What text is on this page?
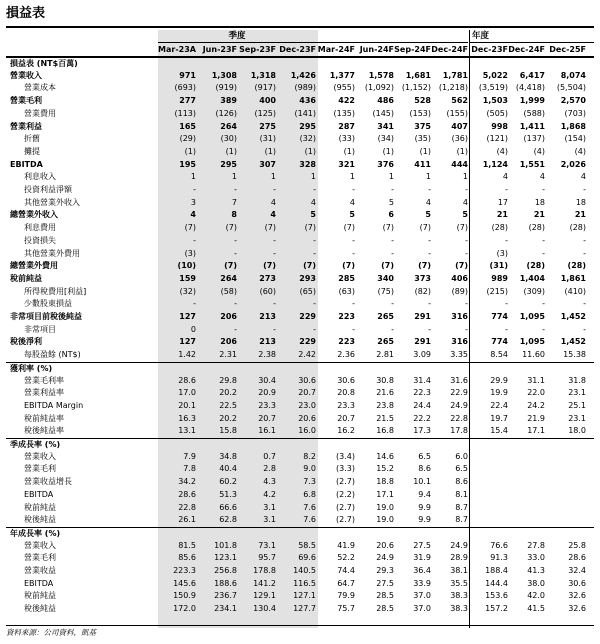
損益表
季度	年度
Mar-23A Jun-23F Sep-23F Dec-23F Mar-24F Jun-24F Sep-24F Dec-24F Dec-23F Dec-24F Dec-25F
損益表 (NT$百萬)
營業收入	971	1,308	1,318	1,426	1,377	1,578	1,681	1,781	5,022	6,417	8,074
營業成本	(693)	(919)	(917)	(989)	(955)	(1,092) (1,152) (1,218)	(3,519) (4,418)	(5,504)
營業毛利	277	389	400	436	422	486	528	562	1,503	1,999	2,570
營業費用	(113)	(126)	(125)	(141)	(135)	(145)	(153)	(155)	(505)	(588)	(703)
營業利益	165	264	275	295	287	341	375	407	998	1,411	1,868
折舊	(29)	(30)	(31)	(32)	(33)	(34)	(35)	(36)	(121)	(137)	(154)
攤提	(1)	(1)	(1)	(1)	(1)	(1)	(1)	(1)	(4)	(4)	(4)
EBITDA	195	295	307	328	321	376	411	444	1,124	1,551	2,026
利息收入	1	1	1	1	1	1	1	1	4	4	4
投資利益淨額	-	-	-	-	-	-	-	-	-	-	-
其他營業外收入	3	7	4	4	4	5	4	4	17	18	18
總營業外收入	4	8	4	5	5	6	5	5	21	21	21
利息費用	(7)	(7)	(7)	(7)	(7)	(7)	(7)	(7)	(28)	(28)	(28)
投資損失	-	-	-	-	-	-	-	-	-	-	-
其他營業外費用	(3)	-	-	-	-	-	-	-	(3)	-	-
總營業外費用	(10)	(7)	(7)	(7)	(7)	(7)	(7)	(7)	(31)	(28)	(28)
稅前純益	159	264	273	293	285	340	373	406	989	1,404	1,861
所得稅費用[利益]	(32)	(58)	(60)	(65)	(63)	(75)	(82)	(89)	(215)	(309)	(410)
少數股東損益	-	-	-	-	-	-	-	-	-	-	-
非常項目前稅後純益	127	206	213	229	223	265	291	316	774	1,095	1,452
非常項目	0	-	-	-	-	-	-	-	-	-	-
稅後淨利	127	206	213	229	223	265	291	316	774	1,095	1,452
每股盈餘 (NT$)	1.42	2.31	2.38	2.42	2.36	2.81	3.09	3.35	8.54	11.60	15.38
獲利率 (%)
營業毛利率	28.6	29.8	30.4	30.6	30.6	30.8	31.4	31.6	29.9	31.1	31.8
營業利益率	17.0	20.2	20.9	20.7	20.8	21.6	22.3	22.9	19.9	22.0	23.1
EBITDA Margin	20.1	22.5	23.3	23.0	23.3	23.8	24.4	24.9	22.4	24.2	25.1
稅前純益率	16.3	20.2	20.7	20.6	20.7	21.5	22.2	22.8	19.7	21.9	23.1
稅後純益率	13.1	15.8	16.1	16.0	16.2	16.8	17.3	17.8	15.4	17.1	18.0
季成長率 (%)
營業收入	7.9	34.8	0.7	8.2	(3.4)	14.6	6.5	6.0
營業毛利	7.8	40.4	2.8	9.0	(3.3)	15.2	8.6	6.5
營業收益增長	34.2	60.2	4.3	7.3	(2.7)	18.8	10.1	8.6
EBITDA	28.6	51.3	4.2	6.8	(2.2)	17.1	9.4	8.1
稅前純益	22.8	66.6	3.1	7.6	(2.7)	19.0	9.9	8.7
稅後純益	26.1	62.8	3.1	7.6	(2.7)	19.0	9.9	8.7
年成長率 (%)
營業收入	81.5	101.8	73.1	58.5	41.9	20.6	27.5	24.9	76.6	27.8	25.8
營業毛利	85.6	123.1	95.7	69.6	52.2	24.9	31.9	28.9	91.3	33.0	28.6
營業收益	223.3	256.8	178.8	140.5	74.4	29.3	36.4	38.1	188.4	41.3	32.4
EBITDA	145.6	188.6	141.2	116.5	64.7	27.5	33.9	35.5	144.4	38.0	30.6
稅前純益	150.9	236.7	129.1	127.1	79.9	28.5	37.0	38.3	153.6	42.0	32.6
稅後純益	172.0	234.1	130.4	127.7	75.7	28.5	37.0	38.3	157.2	41.5	32.6
資料來源：公司資料，凱基
